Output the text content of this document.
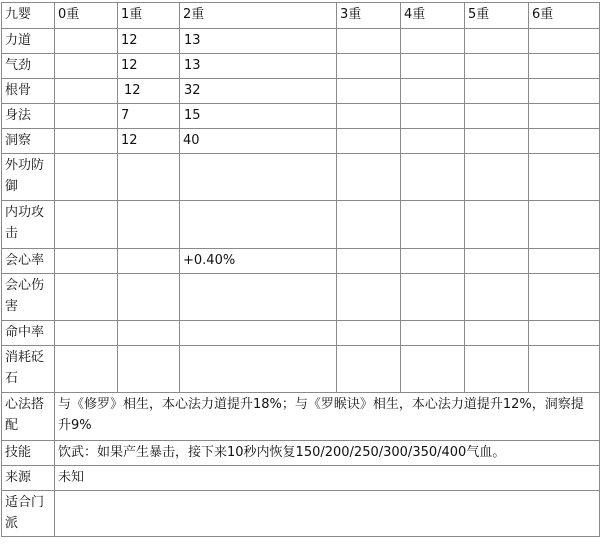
九婴	0重	1重	2重	3重	4重	5重	6重
力道		12	13				
气劲		12	13				
根骨		12	32				
身法		7	15				
洞察		12	40				
外功防御							
内功攻击							
会心率			+0.40%				
会心伤害							
命中率							
消耗砭石							
心法搭配	与《修罗》相生，本心法力道提升18%；与《罗睺诀》相生，本心法力道提升12%，洞察提升9%						
技能	饮武：如果产生暴击，接下来10秒内恢复150/200/250/300/350/400气血。						
来源	未知						
适合门派							
